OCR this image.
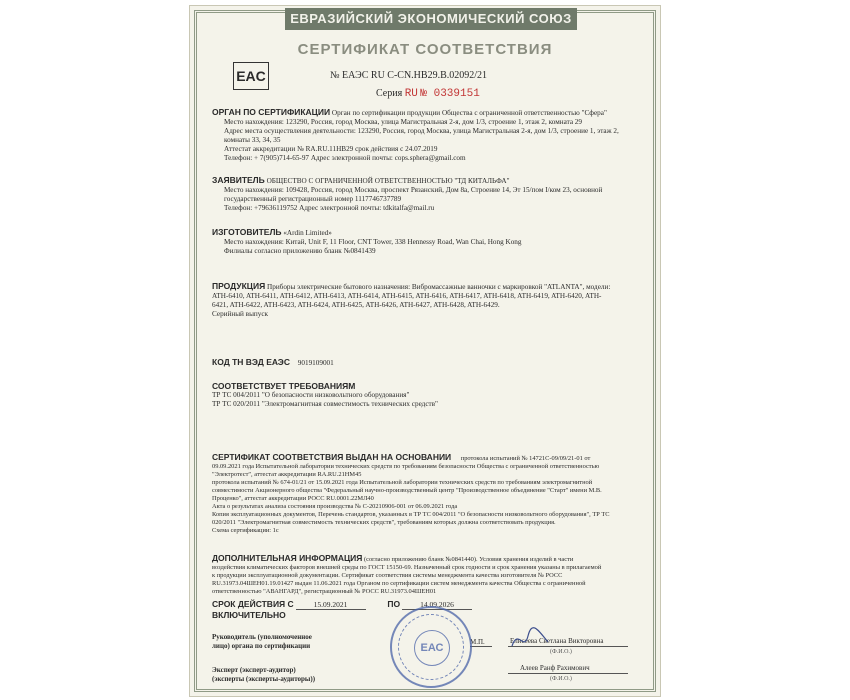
ЕВРАЗИЙСКИЙ ЭКОНОМИЧЕСКИЙ СОЮЗ
СЕРТИФИКАТ СООТВЕТСТВИЯ
EAC	№ ЕАЭС RU C-CN.НВ29.В.02092/21
Серия RU № 0339151
ОРГАН ПО СЕРТИФИКАЦИИ Орган по сертификации продукции Общества с ограниченной ответственностью "Сфера"
Место нахождения: 123290, Россия, город Москва, улица Магистральная 2-я, дом 1/3, строение 1, этаж 2, комната 29
Адрес места осуществления деятельности: 123290, Россия, город Москва, улица Магистральная 2-я, дом 1/3, строение 1, этаж 2,
комнаты 33, 34, 35
Аттестат аккредитации № RA.RU.11НВ29 срок действия с 24.07.2019
Телефон: + 7(905)714-65-97 Адрес электронной почты: cops.sphera@gmail.com
ЗАЯВИТЕЛЬ ОБЩЕСТВО С ОГРАНИЧЕННОЙ ОТВЕТСТВЕННОСТЬЮ "ТД КИТАЛЬФА"
Место нахождения: 109428, Россия, город Москва, проспект Рязанский, Дом 8а, Строение 14, Эт 15/пом I/ком 23, основной
государственный регистрационный номер 1117746737789
Телефон: +79636119752 Адрес электронной почты: tdkitalfa@mail.ru
ИЗГОТОВИТЕЛЬ «Ardin Limited»
Место нахождения: Китай, Unit F, 11 Floor, CNT Tower, 338 Hennessy Road, Wan Chai, Hong Kong
Филиалы согласно приложению бланк №0841439
ПРОДУКЦИЯ Приборы электрические бытового назначения: Вибромассажные ванночки с маркировкой "ATLANTA", модели:
ATH-6410, ATH-6411, ATH-6412, ATH-6413, ATH-6414, ATH-6415, ATH-6416, ATH-6417, ATH-6418, ATH-6419, ATH-6420, ATH-
6421, ATH-6422, ATH-6423, ATH-6424, ATH-6425, ATH-6426, ATH-6427, ATH-6428, ATH-6429.
Серийный выпуск
КОД ТН ВЭД ЕАЭС 9019109001
СООТВЕТСТВУЕТ ТРЕБОВАНИЯМ
ТР ТС 004/2011 "О безопасности низковольтного оборудования"
ТР ТС 020/2011 "Электромагнитная совместимость технических средств"
СЕРТИФИКАТ СООТВЕТСТВИЯ ВЫДАН НА ОСНОВАНИИ протокола испытаний № 14721С-09/09/21-01 от
09.09.2021 года Испытательной лаборатории технических средств по требованиям безопасности Общества с ограниченной ответственностью
"Электротест", аттестат аккредитации RA.RU.21НМ45
протокола испытаний № 674-01/21 от 15.09.2021 года Испытательной лаборатории технических средств по требованиям электромагнитной
совместимости Акционерного общества "Федеральный научно-производственный центр "Производственное объединение "Старт" имени М.В.
Проценко", аттестат аккредитации РОСС RU.0001.22МЛ40
Акта о результатах анализа состояния производства № С-20210906-001 от 06.09.2021 года
Копия эксплуатационных документов, Перечень стандартов, указанных в ТР ТС 004/2011 "О безопасности низковольтного оборудования", ТР ТС
020/2011 "Электромагнитная совместимость технических средств", требованиям которых должна соответствовать продукция.
Схема сертификации: 1с
ДОПОЛНИТЕЛЬНАЯ ИНФОРМАЦИЯ (согласно приложению бланк №0841440). Условия хранения изделий в части
воздействия климатических факторов внешней среды по ГОСТ 15150-69. Назначенный срок годности и срок хранения указаны в прилагаемой
к продукции эксплуатационной документации. Сертификат соответствия системы менеджмента качества изготовителя № РОСС
RU.31973.04ШЕН01.19.01427 выдан 11.06.2021 года Органом по сертификации систем менеджмента качества Общества с ограниченной
ответственностью "АВАНГАРД", регистрационный № РОСС RU.31973.04ШЕН01
СРОК ДЕЙСТВИЯ С	15.09.2021	ПО	14.09.2026
ВКЛЮЧИТЕЛЬНО
Руководитель (уполномоченное
лицо) органа по сертификации	М.П.	Елисеева Светлана Викторовна
(Ф.И.О.)
Эксперт (эксперт-аудитор)
(эксперты (эксперты-аудиторы))
Алеев Ранф Рахимович
(Ф.И.О.)
ЕАС
